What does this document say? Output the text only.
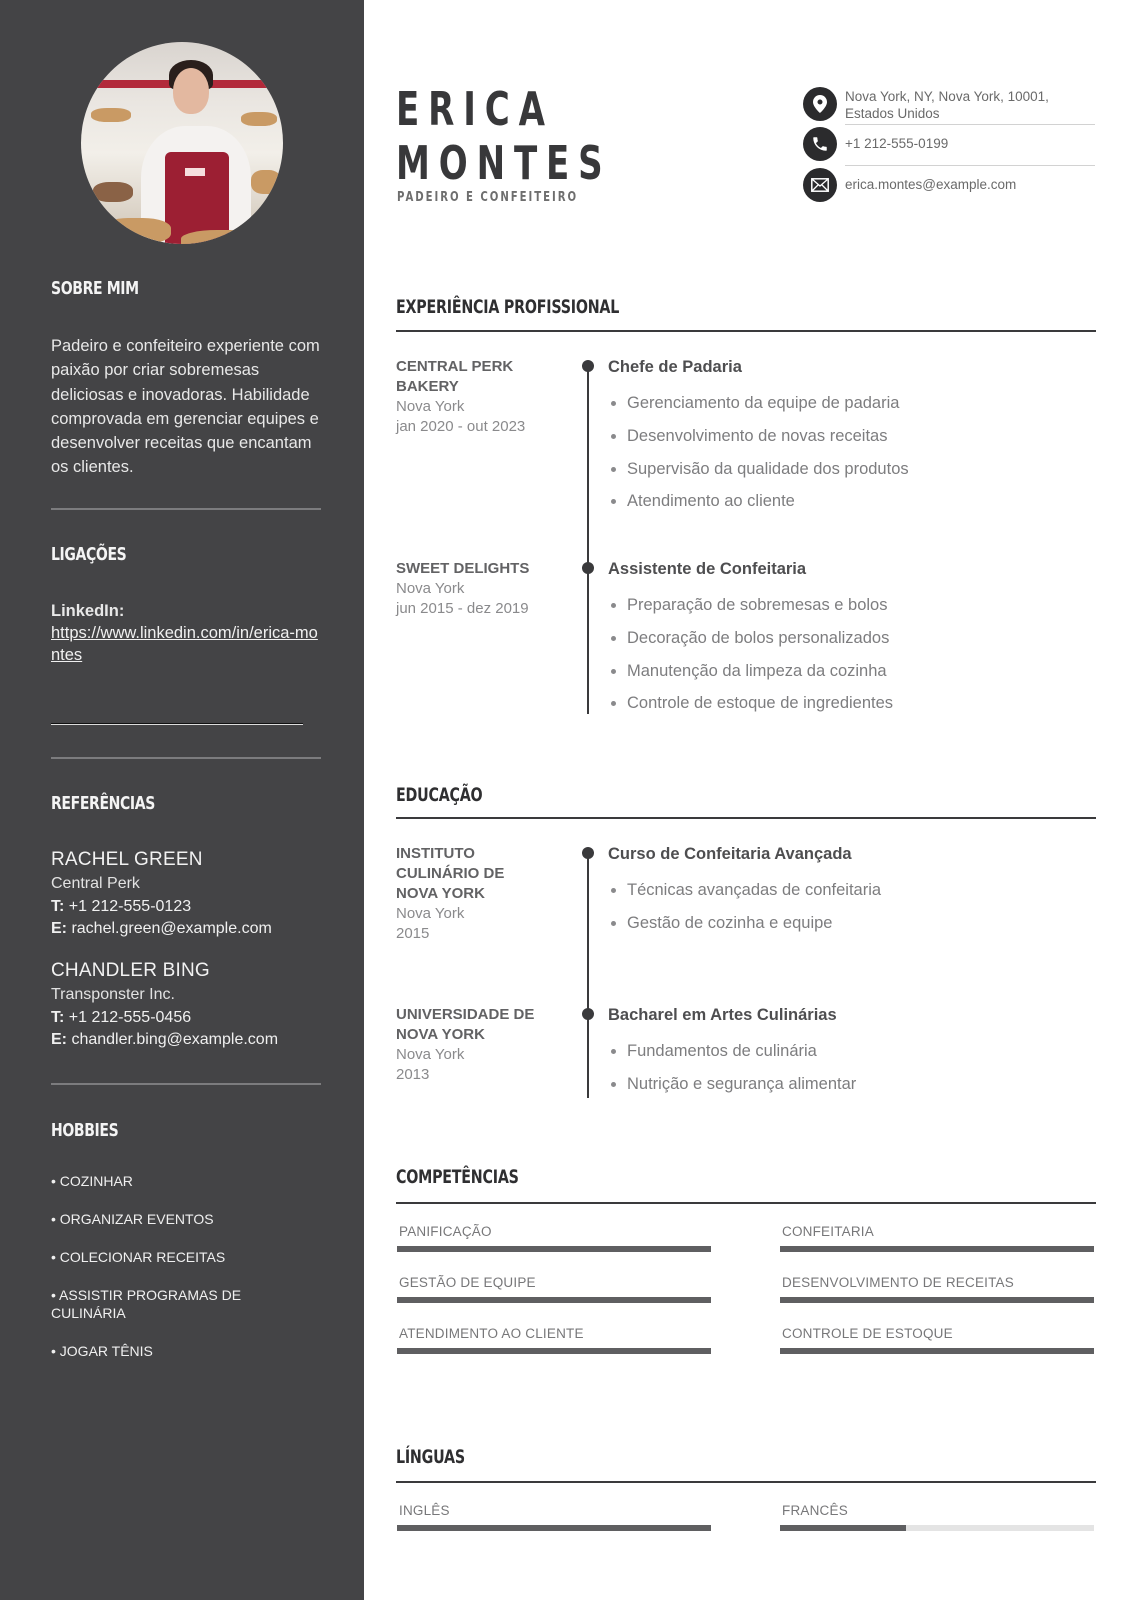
SOBRE MIM

Padeiro e confeiteiro experiente com paixão por criar sobremesas deliciosas e inovadoras. Habilidade comprovada em gerenciar equipes e desenvolver receitas que encantam os clientes.

LIGAÇÕES
LinkedIn:
https://www.linkedin.com/in/erica-montes
REFERÊNCIAS
RACHEL GREEN
Central Perk
T: +1 212-555-0123
E: rachel.green@example.com
CHANDLER BING
Transponster Inc.
T: +1 212-555-0456
E: chandler.bing@example.com
HOBBIES
• COZINHAR
• ORGANIZAR EVENTOS
• COLECIONAR RECEITAS
• ASSISTIR PROGRAMAS DE CULINÁRIA
• JOGAR TÊNIS
ERICA
MONTES
PADEIRO E CONFEITEIRO
Nova York, NY, Nova York, 10001,
Estados Unidos
+1 212-555-0199
erica.montes@example.com
EXPERIÊNCIA PROFISSIONAL
CENTRAL PERK BAKERY
Nova York
jan 2020 - out 2023
Chefe de Padaria
Gerenciamento da equipe de padaria
Desenvolvimento de novas receitas
Supervisão da qualidade dos produtos
Atendimento ao cliente
SWEET DELIGHTS
Nova York
jun 2015 - dez 2019
Assistente de Confeitaria
Preparação de sobremesas e bolos
Decoração de bolos personalizados
Manutenção da limpeza da cozinha
Controle de estoque de ingredientes
EDUCAÇÃO
INSTITUTO CULINÁRIO DE NOVA YORK
Nova York
2015
Curso de Confeitaria Avançada
Técnicas avançadas de confeitaria
Gestão de cozinha e equipe
UNIVERSIDADE DE NOVA YORK
Nova York
2013
Bacharel em Artes Culinárias
Fundamentos de culinária
Nutrição e segurança alimentar
COMPETÊNCIAS
PANIFICAÇÃO	CONFEITARIA
GESTÃO DE EQUIPE	DESENVOLVIMENTO DE RECEITAS
ATENDIMENTO AO CLIENTE	CONTROLE DE ESTOQUE
LÍNGUAS
INGLÊS	FRANCÊS
